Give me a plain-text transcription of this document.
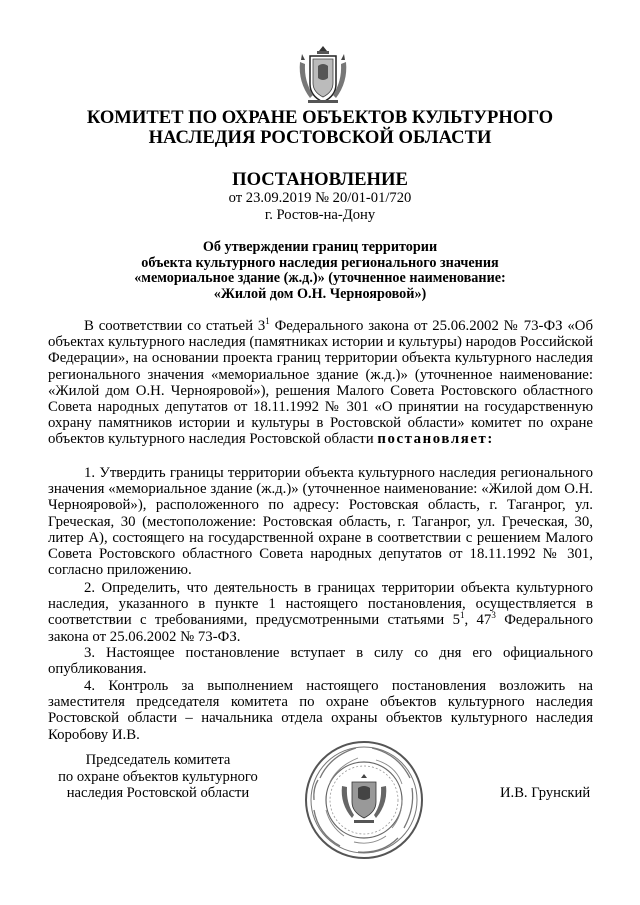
КОМИТЕТ ПО ОХРАНЕ ОБЪЕКТОВ КУЛЬТУРНОГО
НАСЛЕДИЯ РОСТОВСКОЙ ОБЛАСТИ
ПОСТАНОВЛЕНИЕ
от 23.09.2019 № 20/01-01/720
г. Ростов-на-Дону
Об утверждении границ территории
объекта культурного наследия регионального значения
«мемориальное здание (ж.д.)» (уточненное наименование:
«Жилой дом О.Н. Чернояровой»)

В соответствии со статьей $3^1$ Федерального закона от 25.06.2002 № 73-ФЗ «Об объектах культурного наследия (памятниках истории и культуры) народов Российской Федерации», на основании проекта границ территории объекта культурного наследия регионального значения «мемориальное здание (ж.д.)» (уточненное наименование: «Жилой дом О.Н. Чернояровой»), решения Малого Совета Ростовского областного Совета народных депутатов от 18.11.1992 № 301 «О принятии на государственную охрану памятников истории и культуры в Ростовской области» комитет по охране объектов культурного наследия Ростовской области постановляет:

1. Утвердить границы территории объекта культурного наследия регионального значения «мемориальное здание (ж.д.)» (уточненное наименование: «Жилой дом О.Н. Чернояровой»), расположенного по адресу: Ростовская область, г. Таганрог, ул. Греческая, 30 (местоположение: Ростовская область, г. Таганрог, ул. Греческая, 30, литер А), состоящего на государственной охране в соответствии с решением Малого Совета Ростовского областного Совета народных депутатов от 18.11.1992 № 301, согласно приложению.

2. Определить, что деятельность в границах территории объекта культурного наследия, указанного в пункте 1 настоящего постановления, осуществляется в соответствии с требованиями, предусмотренными статьями $5^1$, $47^3$ Федерального закона от 25.06.2002 № 73-ФЗ.

3. Настоящее постановление вступает в силу со дня его официального опубликования.

4. Контроль за выполнением настоящего постановления возложить на заместителя председателя комитета по охране объектов культурного наследия Ростовской области – начальника отдела охраны объектов культурного наследия Коробову И.В.

Председатель комитета
по охране объектов культурного
наследия Ростовской области	И.В. Грунский
